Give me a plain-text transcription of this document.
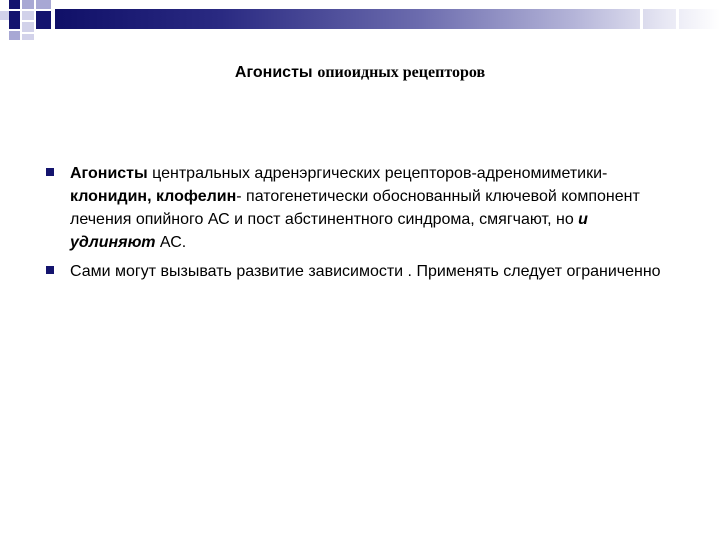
Агонисты опиоидных рецепторов
Агонисты центральных адренэргических рецепторов-адреномиметики- клонидин, клофелин- патогенетически обоснованный ключевой компонент лечения опийного АС и пост абстинентного синдрома, смягчают, но и удлиняют АС.
Сами могут вызывать развитие зависимости . Применять следует ограниченно
